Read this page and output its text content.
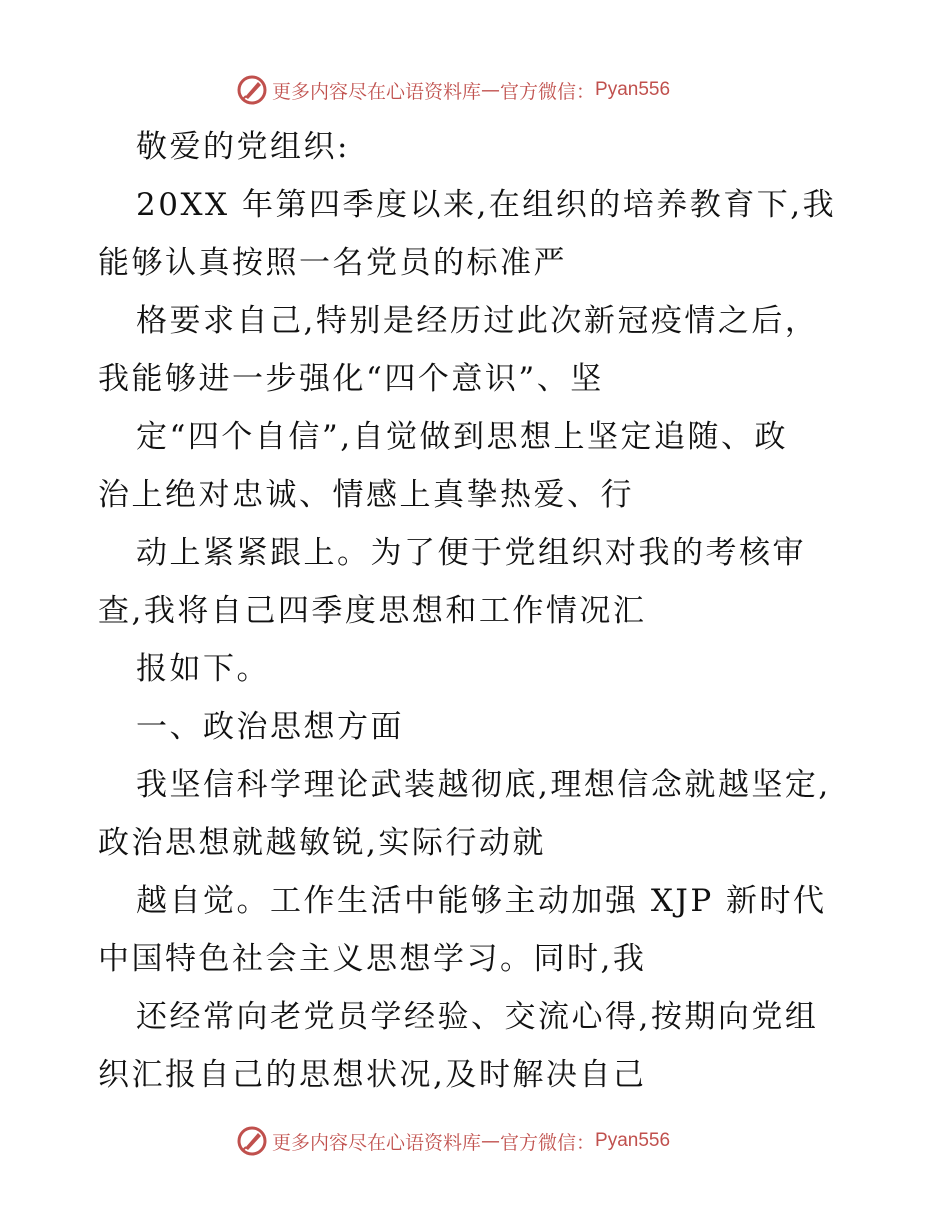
更多内容尽在心语资料库 — 官方微信： Pyan556
敬爱的党组织:
20XX 年第四季度以来,在组织的培养教育下,我
能够认真按照一名党员的标准严
格要求自己,特别是经历过此次新冠疫情之后，
我能够进一步强化“四个意识”、坚
定“四个自信”,自觉做到思想上坚定追随、政
治上绝对忠诚、情感上真挚热爱、行
动上紧紧跟上。为了便于党组织对我的考核审
查,我将自己四季度思想和工作情况汇
报如下。
一、政治思想方面
我坚信科学理论武装越彻底,理想信念就越坚定,
政治思想就越敏锐,实际行动就
越自觉。工作生活中能够主动加强 XJP 新时代
中国特色社会主义思想学习。同时,我
还经常向老党员学经验、交流心得,按期向党组
织汇报自己的思想状况,及时解决自己
更多内容尽在心语资料库 — 官方微信： Pyan556
